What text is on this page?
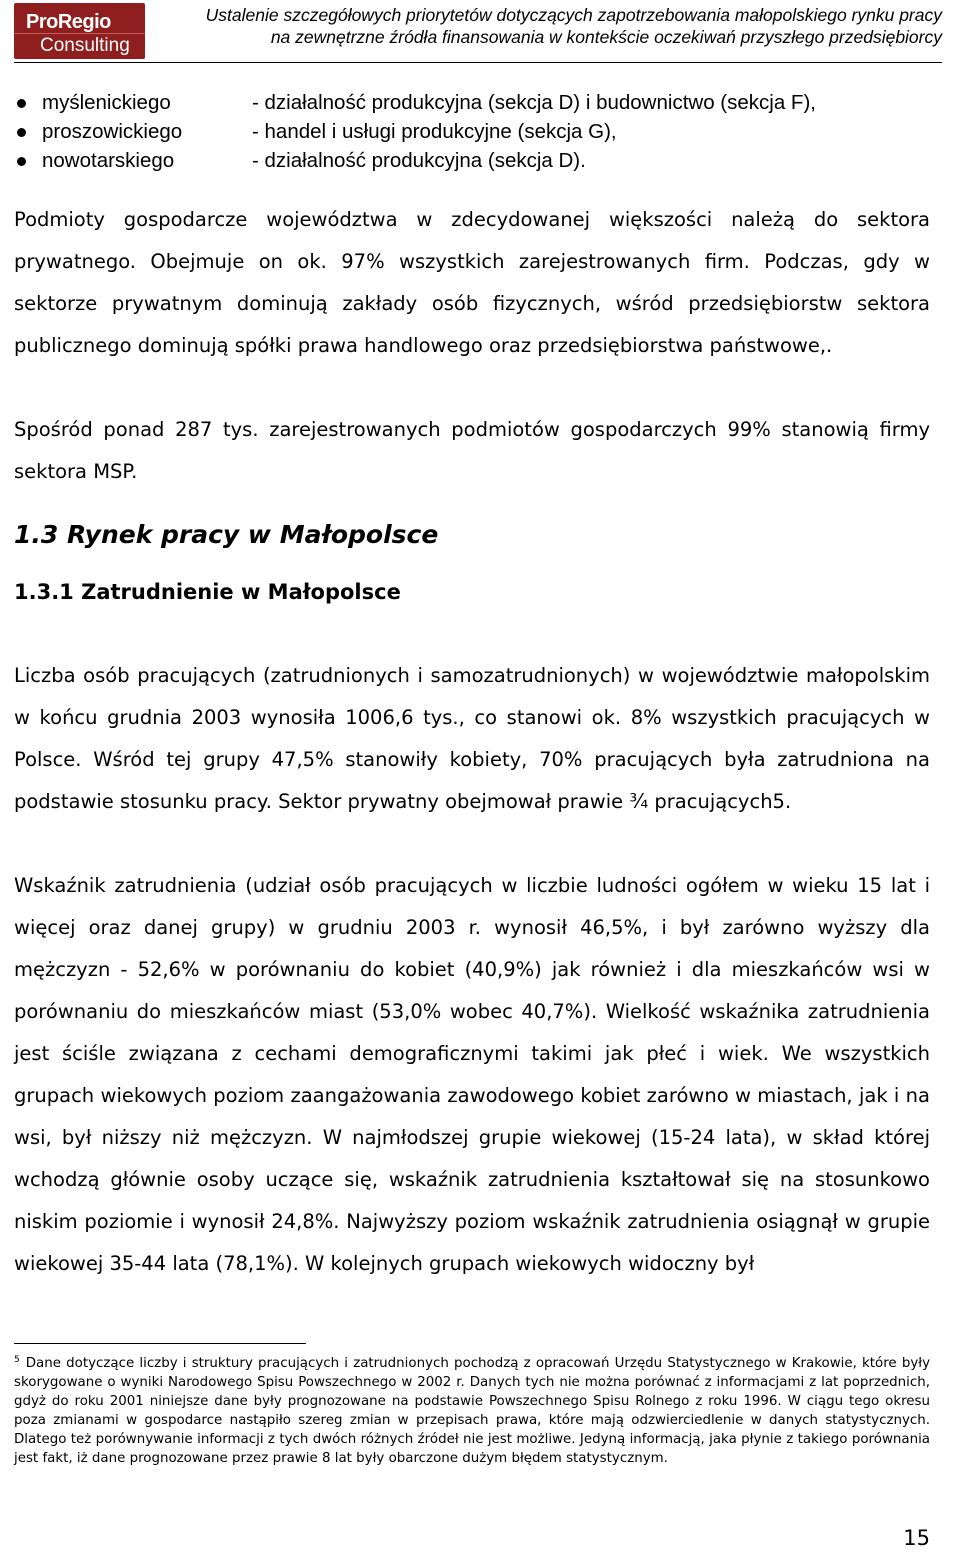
ProRegio
Consulting
Ustalenie szczegółowych priorytetów dotyczących zapotrzebowania małopolskiego rynku pracy
na zewnętrzne źródła finansowania w kontekście oczekiwań przyszłego przedsiębiorcy
myślenickiego	- działalność produkcyjna (sekcja D) i budownictwo (sekcja F),
proszowickiego	- handel i usługi produkcyjne (sekcja G),
nowotarskiego	- działalność produkcyjna (sekcja D).

Podmioty gospodarcze województwa w zdecydowanej większości należą do sektora prywatnego. Obejmuje on ok. 97% wszystkich zarejestrowanych firm. Podczas, gdy w sektorze prywatnym dominują zakłady osób fizycznych, wśród przedsiębiorstw sektora publicznego dominują spółki prawa handlowego oraz przedsiębiorstwa państwowe,.

Spośród ponad 287 tys. zarejestrowanych podmiotów gospodarczych 99% stanowią firmy sektora MSP.

1.3 Rynek pracy w Małopolsce
1.3.1 Zatrudnienie w Małopolsce

Liczba osób pracujących (zatrudnionych i samozatrudnionych) w województwie małopolskim w końcu grudnia 2003 wynosiła 1006,6 tys., co stanowi ok. 8% wszystkich pracujących w Polsce. Wśród tej grupy 47,5% stanowiły kobiety, 70% pracujących była zatrudniona na podstawie stosunku pracy. Sektor prywatny obejmował prawie ¾ pracujących5.

Wskaźnik zatrudnienia (udział osób pracujących w liczbie ludności ogółem w wieku 15 lat i więcej oraz danej grupy) w grudniu 2003 r. wynosił 46,5%, i był zarówno wyższy dla mężczyzn - 52,6% w porównaniu do kobiet (40,9%) jak również i dla mieszkańców wsi w porównaniu do mieszkańców miast (53,0% wobec 40,7%). Wielkość wskaźnika zatrudnienia jest ściśle związana z cechami demograficznymi takimi jak płeć i wiek. We wszystkich grupach wiekowych poziom zaangażowania zawodowego kobiet zarówno w miastach, jak i na wsi, był niższy niż mężczyzn. W najmłodszej grupie wiekowej (15-24 lata), w skład której wchodzą głównie osoby uczące się, wskaźnik zatrudnienia kształtował się na stosunkowo niskim poziomie i wynosił 24,8%. Najwyższy poziom wskaźnik zatrudnienia osiągnął w grupie wiekowej 35-44 lata (78,1%). W kolejnych grupach wiekowych widoczny był

$^5$ Dane dotyczące liczby i struktury pracujących i zatrudnionych pochodzą z opracowań Urzędu Statystycznego w Krakowie, które były skorygowane o wyniki Narodowego Spisu Powszechnego w 2002 r. Danych tych nie można porównać z informacjami z lat poprzednich, gdyż do roku 2001 niniejsze dane były prognozowane na podstawie Powszechnego Spisu Rolnego z roku 1996. W ciągu tego okresu poza zmianami w gospodarce nastąpiło szereg zmian w przepisach prawa, które mają odzwierciedlenie w danych statystycznych. Dlatego też porównywanie informacji z tych dwóch różnych źródeł nie jest możliwe. Jedyną informacją, jaka płynie z takiego porównania jest fakt, iż dane prognozowane przez prawie 8 lat były obarczone dużym błędem statystycznym.
15
